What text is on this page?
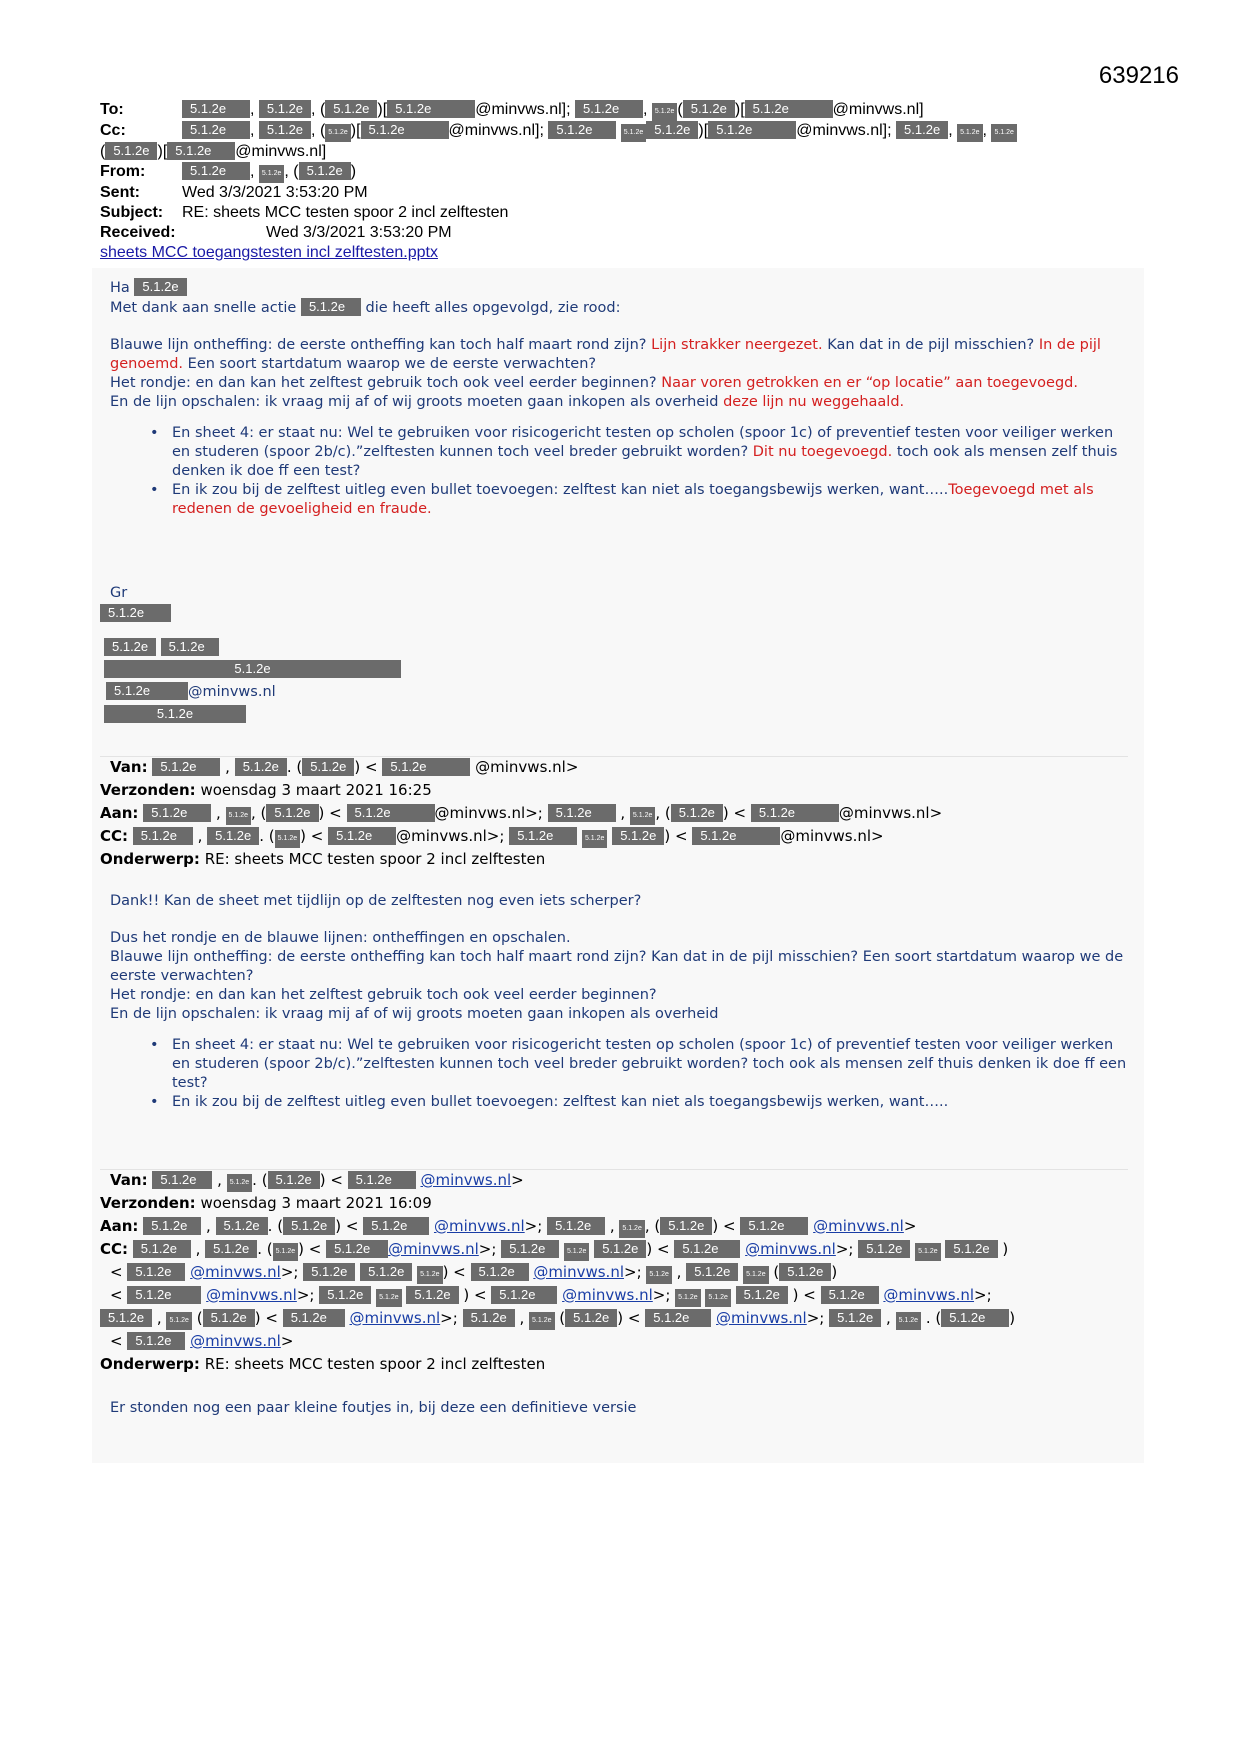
639216
To:	5.1.2e , 5.1.2e , ( 5.1.2e )[ 5.1.2e	@minvws.nl]; 5.1.2e , 5.1.2e ( 5.1.2e )[ 5.1.2e	@minvws.nl]
Cc:	5.1.2e , 5.1.2e , ( 5.1.2e )[ 5.1.2e	@minvws.nl]; 5.1.2e	5.1.2e 5.1.2e )[ 5.1.2e	@minvws.nl]; 5.1.2e , 5.1.2e , 5.1.2e
( 5.1.2e )[ 5.1.2e @minvws.nl]
From:	5.1.2e , 5.1.2e , ( 5.1.2e )
Sent:	Wed 3/3/2021 3:53:20 PM
Subject: RE: sheets MCC testen spoor 2 incl zelftesten
Received:	Wed 3/3/2021 3:53:20 PM
sheets MCC toegangstesten incl zelftesten.pptx

Ha 5.1.2e

Met dank aan snelle actie 5.1.2e die heeft alles opgevolgd, zie rood:

Blauwe lijn ontheffing: de eerste ontheffing kan toch half maart rond zijn? Lijn strakker neergezet. Kan dat in de pijl misschien? In de pijl genoemd. Een soort startdatum waarop we de eerste verwachten?

Het rondje: en dan kan het zelftest gebruik toch ook veel eerder beginnen? Naar voren getrokken en er “op locatie” aan toegevoegd.

En de lijn opschalen: ik vraag mij af of wij groots moeten gaan inkopen als overheid deze lijn nu weggehaald.

• En sheet 4: er staat nu: Wel te gebruiken voor risicogericht testen op scholen (spoor 1c) of preventief testen voor veiliger werken en studeren (spoor 2b/c).”zelftesten kunnen toch veel breder gebruikt worden? Dit nu toegevoegd. toch ook als mensen zelf thuis denken ik doe ff een test?

• En ik zou bij de zelftest uitleg even bullet toevoegen: zelftest kan niet als toegangsbewijs werken, want…..Toegevoegd met als redenen de gevoeligheid en fraude.

Gr

5.1.2e

5.1.2e 5.1.2e

5.1.2e

5.1.2e	@minvws.nl

5.1.2e

Van: 5.1.2e , 5.1.2e . ( 5.1.2e ) < 5.1.2e	@minvws.nl>
Verzonden: woensdag 3 maart 2021 16:25
Aan: 5.1.2e , 5.1.2e , ( 5.1.2e ) < 5.1.2e	@minvws.nl>; 5.1.2e , 5.1.2e , ( 5.1.2e ) < 5.1.2e	@minvws.nl>
CC: 5.1.2e , 5.1.2e . ( 5.1.2e ) < 5.1.2e @minvws.nl>; 5.1.2e	5.1.2e 5.1.2e ) < 5.1.2e	@minvws.nl>
Onderwerp: RE: sheets MCC testen spoor 2 incl zelftesten

Dank!! Kan de sheet met tijdlijn op de zelftesten nog even iets scherper?

Dus het rondje en de blauwe lijnen: ontheffingen en opschalen.

Blauwe lijn ontheffing: de eerste ontheffing kan toch half maart rond zijn? Kan dat in de pijl misschien? Een soort startdatum waarop we de eerste verwachten?

Het rondje: en dan kan het zelftest gebruik toch ook veel eerder beginnen?

En de lijn opschalen: ik vraag mij af of wij groots moeten gaan inkopen als overheid

• En sheet 4: er staat nu: Wel te gebruiken voor risicogericht testen op scholen (spoor 1c) of preventief testen voor veiliger werken en studeren (spoor 2b/c).”zelftesten kunnen toch veel breder gebruikt worden? toch ook als mensen zelf thuis denken ik doe ff een test?

• En ik zou bij de zelftest uitleg even bullet toevoegen: zelftest kan niet als toegangsbewijs werken, want…..

Van: 5.1.2e , 5.1.2e . ( 5.1.2e ) < 5.1.2e @minvws.nl>
Verzonden: woensdag 3 maart 2021 16:09
Aan: 5.1.2e , 5.1.2e . ( 5.1.2e ) < 5.1.2e @minvws.nl>; 5.1.2e , 5.1.2e , ( 5.1.2e ) < 5.1.2e @minvws.nl>
CC: 5.1.2e , 5.1.2e . ( 5.1.2e ) < 5.1.2e @minvws.nl>; 5.1.2e	5.1.2e 5.1.2e ) < 5.1.2e @minvws.nl>; 5.1.2e 5.1.2e 5.1.2e )
< 5.1.2e @minvws.nl>; 5.1.2e 5.1.2e 5.1.2e ) < 5.1.2e @minvws.nl>; 5.1.2e , 5.1.2e 5.1.2e ( 5.1.2e )
< 5.1.2e @minvws.nl>; 5.1.2e 5.1.2e 5.1.2e ) < 5.1.2e @minvws.nl>; 5.1.2e 5.1.2e 5.1.2e ) < 5.1.2e @minvws.nl>;
5.1.2e , 5.1.2e ( 5.1.2e ) < 5.1.2e @minvws.nl>; 5.1.2e , 5.1.2e ( 5.1.2e ) < 5.1.2e @minvws.nl>; 5.1.2e , 5.1.2e . ( 5.1.2e )
< 5.1.2e @minvws.nl>
Onderwerp: RE: sheets MCC testen spoor 2 incl zelftesten

Er stonden nog een paar kleine foutjes in, bij deze een definitieve versie
